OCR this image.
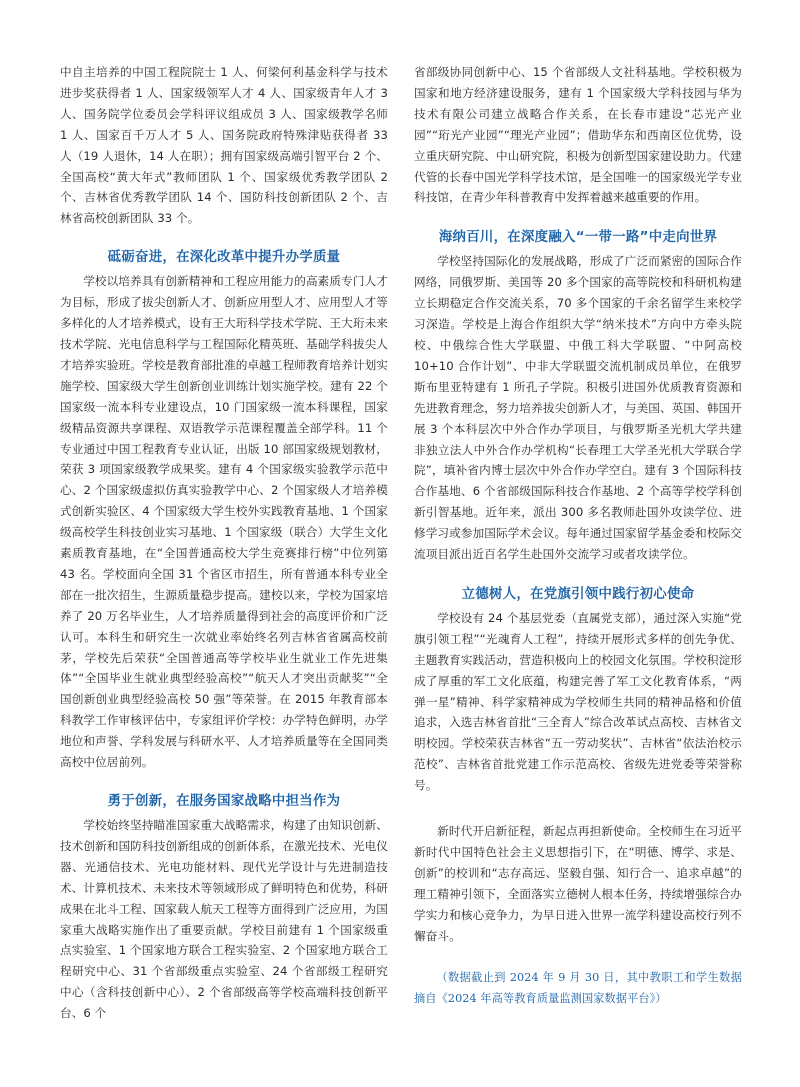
中自主培养的中国工程院院士 1 人、何梁何利基金科学与技术进步奖获得者 1 人、国家级领军人才 4 人、国家级青年人才 3 人、国务院学位委员会学科评议组成员 3 人、国家级教学名师 1 人、国家百千万人才 5 人、国务院政府特殊津贴获得者 33 人（19 人退休，14 人在职）；拥有国家级高端引智平台 2 个、全国高校“黄大年式”教师团队 1 个、国家级优秀教学团队 2 个、吉林省优秀教学团队 14 个、国防科技创新团队 2 个、吉林省高校创新团队 33 个。

砥砺奋进，在深化改革中提升办学质量

学校以培养具有创新精神和工程应用能力的高素质专门人才为目标，形成了拔尖创新人才、创新应用型人才、应用型人才等多样化的人才培养模式，设有王大珩科学技术学院、王大珩未来技术学院、光电信息科学与工程国际化精英班、基础学科拔尖人才培养实验班。学校是教育部批准的卓越工程师教育培养计划实施学校、国家级大学生创新创业训练计划实施学校。建有 22 个国家级一流本科专业建设点，10 门国家级一流本科课程，国家级精品资源共享课程、双语教学示范课程覆盖全部学科。11 个专业通过中国工程教育专业认证，出版 10 部国家级规划教材，荣获 3 项国家级教学成果奖。建有 4 个国家级实验教学示范中心、2 个国家级虚拟仿真实验教学中心、2 个国家级人才培养模式创新实验区、4 个国家级大学生校外实践教育基地、1 个国家级高校学生科技创业实习基地、1 个国家级（联合）大学生文化素质教育基地，在“全国普通高校大学生竞赛排行榜”中位列第 43 名。学校面向全国 31 个省区市招生，所有普通本科专业全部在一批次招生，生源质量稳步提高。建校以来，学校为国家培养了 20 万名毕业生，人才培养质量得到社会的高度评价和广泛认可。本科生和研究生一次就业率始终名列吉林省省属高校前茅，学校先后荣获“全国普通高等学校毕业生就业工作先进集体”“全国毕业生就业典型经验高校”“航天人才突出贡献奖”“全国创新创业典型经验高校 50 强”等荣誉。在 2015 年教育部本科教学工作审核评估中，专家组评价学校：办学特色鲜明，办学地位和声誉、学科发展与科研水平、人才培养质量等在全国同类高校中位居前列。

勇于创新，在服务国家战略中担当作为

学校始终坚持瞄准国家重大战略需求，构建了由知识创新、技术创新和国防科技创新组成的创新体系，在激光技术、光电仪器、光通信技术、光电功能材料、现代光学设计与先进制造技术、计算机技术、未来技术等领域形成了鲜明特色和优势，科研成果在北斗工程、国家载人航天工程等方面得到广泛应用，为国家重大战略实施作出了重要贡献。学校目前建有 1 个国家级重点实验室、1 个国家地方联合工程实验室、2 个国家地方联合工程研究中心、31 个省部级重点实验室、24 个省部级工程研究中心（含科技创新中心）、2 个省部级高等学校高端科技创新平台、6 个

省部级协同创新中心、15 个省部级人文社科基地。学校积极为国家和地方经济建设服务，建有 1 个国家级大学科技园与华为技术有限公司建立战略合作关系，在长春市建设“芯光产业园”“珩光产业园”“理光产业园”；借助华东和西南区位优势，设立重庆研究院、中山研究院，积极为创新型国家建设助力。代建代管的长春中国光学科学技术馆，是全国唯一的国家级光学专业科技馆，在青少年科普教育中发挥着越来越重要的作用。

海纳百川，在深度融入“一带一路”中走向世界

学校坚持国际化的发展战略，形成了广泛而紧密的国际合作网络，同俄罗斯、美国等 20 多个国家的高等院校和科研机构建立长期稳定合作交流关系，70 多个国家的千余名留学生来校学习深造。学校是上海合作组织大学“纳米技术”方向中方牵头院校、中俄综合性大学联盟、中俄工科大学联盟、“中阿高校 10+10 合作计划”、中非大学联盟交流机制成员单位，在俄罗斯布里亚特建有 1 所孔子学院。积极引进国外优质教育资源和先进教育理念，努力培养拔尖创新人才，与美国、英国、韩国开展 3 个本科层次中外合作办学项目，与俄罗斯圣光机大学共建非独立法人中外合作办学机构“长春理工大学圣光机大学联合学院”，填补省内博士层次中外合作办学空白。建有 3 个国际科技合作基地、6 个省部级国际科技合作基地、2 个高等学校学科创新引智基地。近年来，派出 300 多名教师赴国外攻读学位、进修学习或参加国际学术会议。每年通过国家留学基金委和校际交流项目派出近百名学生赴国外交流学习或者攻读学位。

立德树人，在党旗引领中践行初心使命

学校设有 24 个基层党委（直属党支部），通过深入实施“党旗引领工程”“光魂育人工程”，持续开展形式多样的创先争优、主题教育实践活动，营造积极向上的校园文化氛围。学校积淀形成了厚重的军工文化底蕴，构建完善了军工文化教育体系，“两弹一星”精神、科学家精神成为学校师生共同的精神品格和价值追求，入选吉林省首批“三全育人”综合改革试点高校、吉林省文明校园。学校荣获吉林省“五一劳动奖状”、吉林省“依法治校示范校”、吉林省首批党建工作示范高校、省级先进党委等荣誉称号。

新时代开启新征程，新起点再担新使命。全校师生在习近平新时代中国特色社会主义思想指引下，在“明德、博学、求是、创新”的校训和“志存高远、坚毅自强、知行合一、追求卓越”的理工精神引领下，全面落实立德树人根本任务，持续增强综合办学实力和核心竞争力，为早日进入世界一流学科建设高校行列不懈奋斗。

（数据截止到 2024 年 9 月 30 日，其中教职工和学生数据摘自《2024 年高等教育质量监测国家数据平台》）
